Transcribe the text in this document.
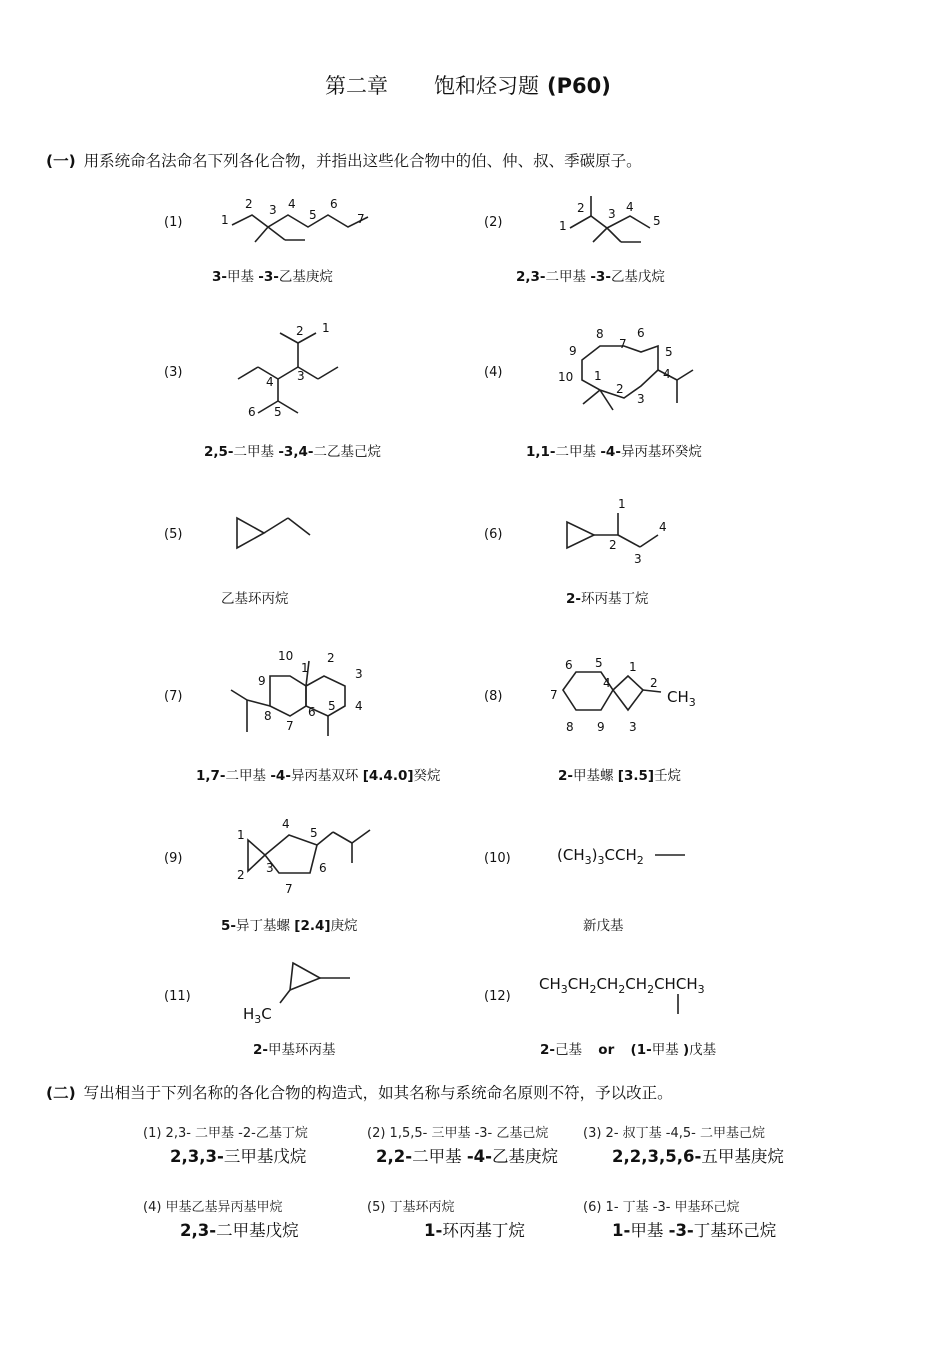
第二章 饱和烃习题 (P60)
(一) 用系统命名法命名下列各化合物，并指出这些化合物中的伯、仲、叔、季碳原子。
(1)	1
2 3 4
5
6
7
3-甲基 -3-乙基庚烷
(2)	1
2 3 4
5
2,3-二甲基 -3-乙基戊烷
(3)
2 1
3
4
6 5
2,5-二甲基 -3,4-二乙基己烷
(4)
9
8
7
6
5
4
10 1
2
3
1,1-二甲基 -4-异丙基环癸烷
(5)
乙基环丙烷
(6)
1
2
3
4
2-环丙基丁烷
(7)
10
1
2
3
4
5
6
7
8
9
1,7-二甲基 -4-异丙基双环 [4.4.0]癸烷
(8)
6 5
4
1
2
7
8 9 3
$CH_3$
2-甲基螺 [3.5]壬烷
(9)
1
2 3
4
5
6
7
5-异丁基螺 [2.4]庚烷
(10)	$(CH_3)_3CCH_2$
新戊基
(11)
$H_3C$
2-甲基环丙基
(12)
$CH_3CH_2CH_2CH_2CHCH_3$
2-己基 or (1-甲基 )戊基
(二) 写出相当于下列名称的各化合物的构造式，如其名称与系统命名原则不符，予以改正。
(1) 2,3- 二甲基 -2-乙基丁烷
2,3,3-三甲基戊烷
(2) 1,5,5- 三甲基 -3- 乙基己烷
2,2-二甲基 -4-乙基庚烷
(3) 2- 叔丁基 -4,5- 二甲基己烷
2,2,3,5,6-五甲基庚烷
(4) 甲基乙基异丙基甲烷
2,3-二甲基戊烷
(5) 丁基环丙烷
1-环丙基丁烷
(6) 1- 丁基 -3- 甲基环己烷
1-甲基 -3-丁基环己烷
